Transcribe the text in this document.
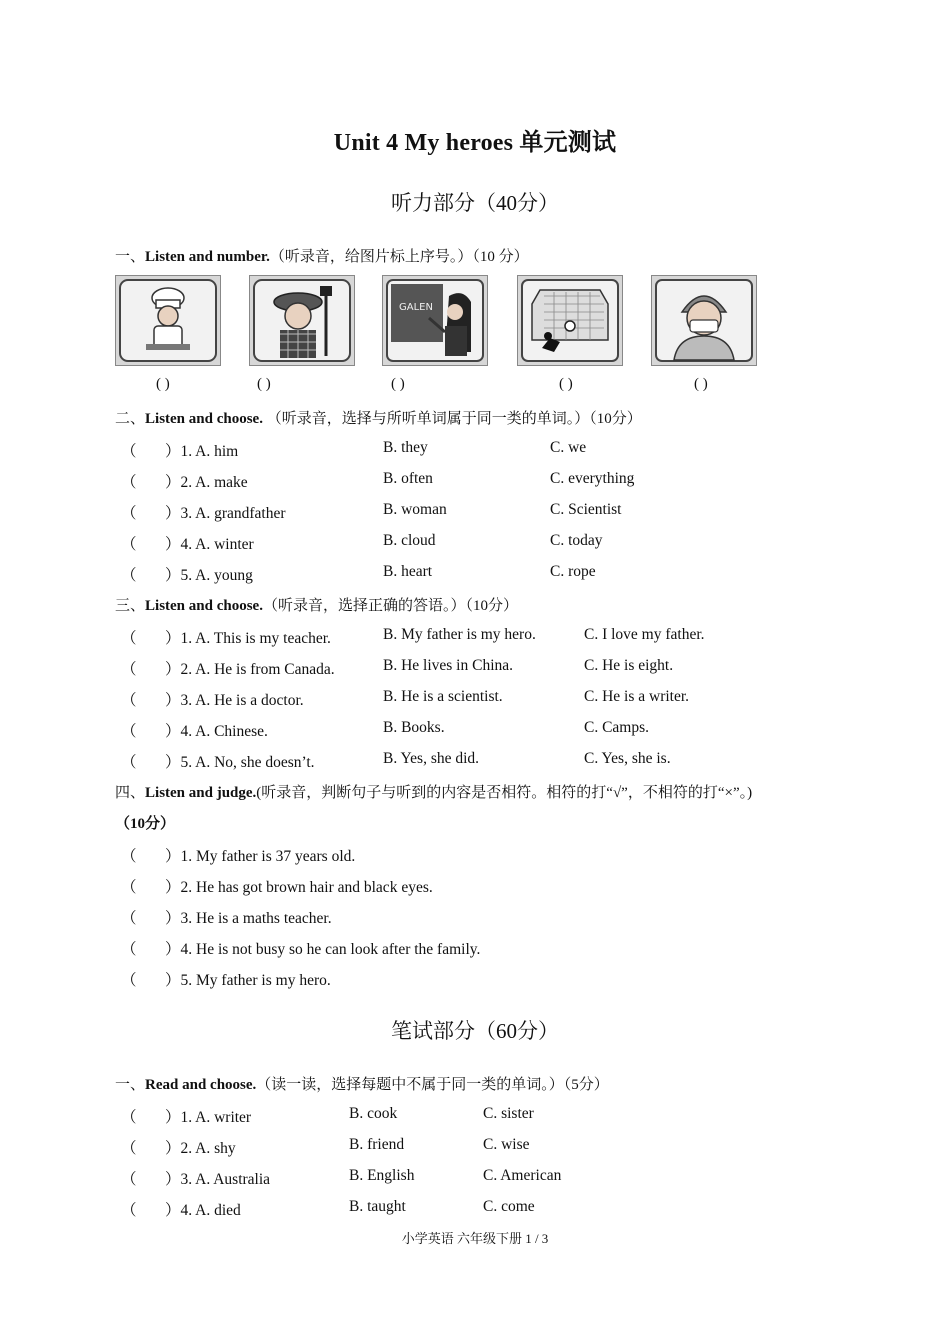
Unit 4 My heroes 单元测试
听力部分（40分）
一、Listen and number.（听录音，给图片标上序号。）（10 分）
GALEN
( )	( )	( )	( )	( )
二、Listen and choose. （听录音，选择与所听单词属于同一类的单词。）（10分）
（ ）1. A. him	B. they	C. we
（ ）2. A. make	B. often	C. everything
（ ）3. A. grandfather	B. woman	C. Scientist
（ ）4. A. winter	B. cloud	C. today
（ ）5. A. young	B. heart	C. rope
三、Listen and choose.（听录音，选择正确的答语。）（10分）
（ ）1. A. This is my teacher.	B. My father is my hero.	C. I love my father.
（ ）2. A. He is from Canada.	B. He lives in China.	C. He is eight.
（ ）3. A. He is a doctor.	B. He is a scientist.	C. He is a writer.
（ ）4. A. Chinese.	B. Books.	C. Camps.
（ ）5. A. No, she doesn’t.	B. Yes, she did.	C. Yes, she is.
四、Listen and judge.(听录音，判断句子与听到的内容是否相符。相符的打“√”，不相符的打“×”。)
（10分）
（ ）1. My father is 37 years old.
（ ）2. He has got brown hair and black eyes.
（ ）3. He is a maths teacher.
（ ）4. He is not busy so he can look after the family.
（ ）5. My father is my hero.
笔试部分（60分）
一、Read and choose.（读一读，选择每题中不属于同一类的单词。）（5分）
（ ）1. A. writer	B. cook	C. sister
（ ）2. A. shy	B. friend	C. wise
（ ）3. A. Australia	B. English	C. American
（ ）4. A. died	B. taught	C. come
小学英语 六年级下册 1 / 3
